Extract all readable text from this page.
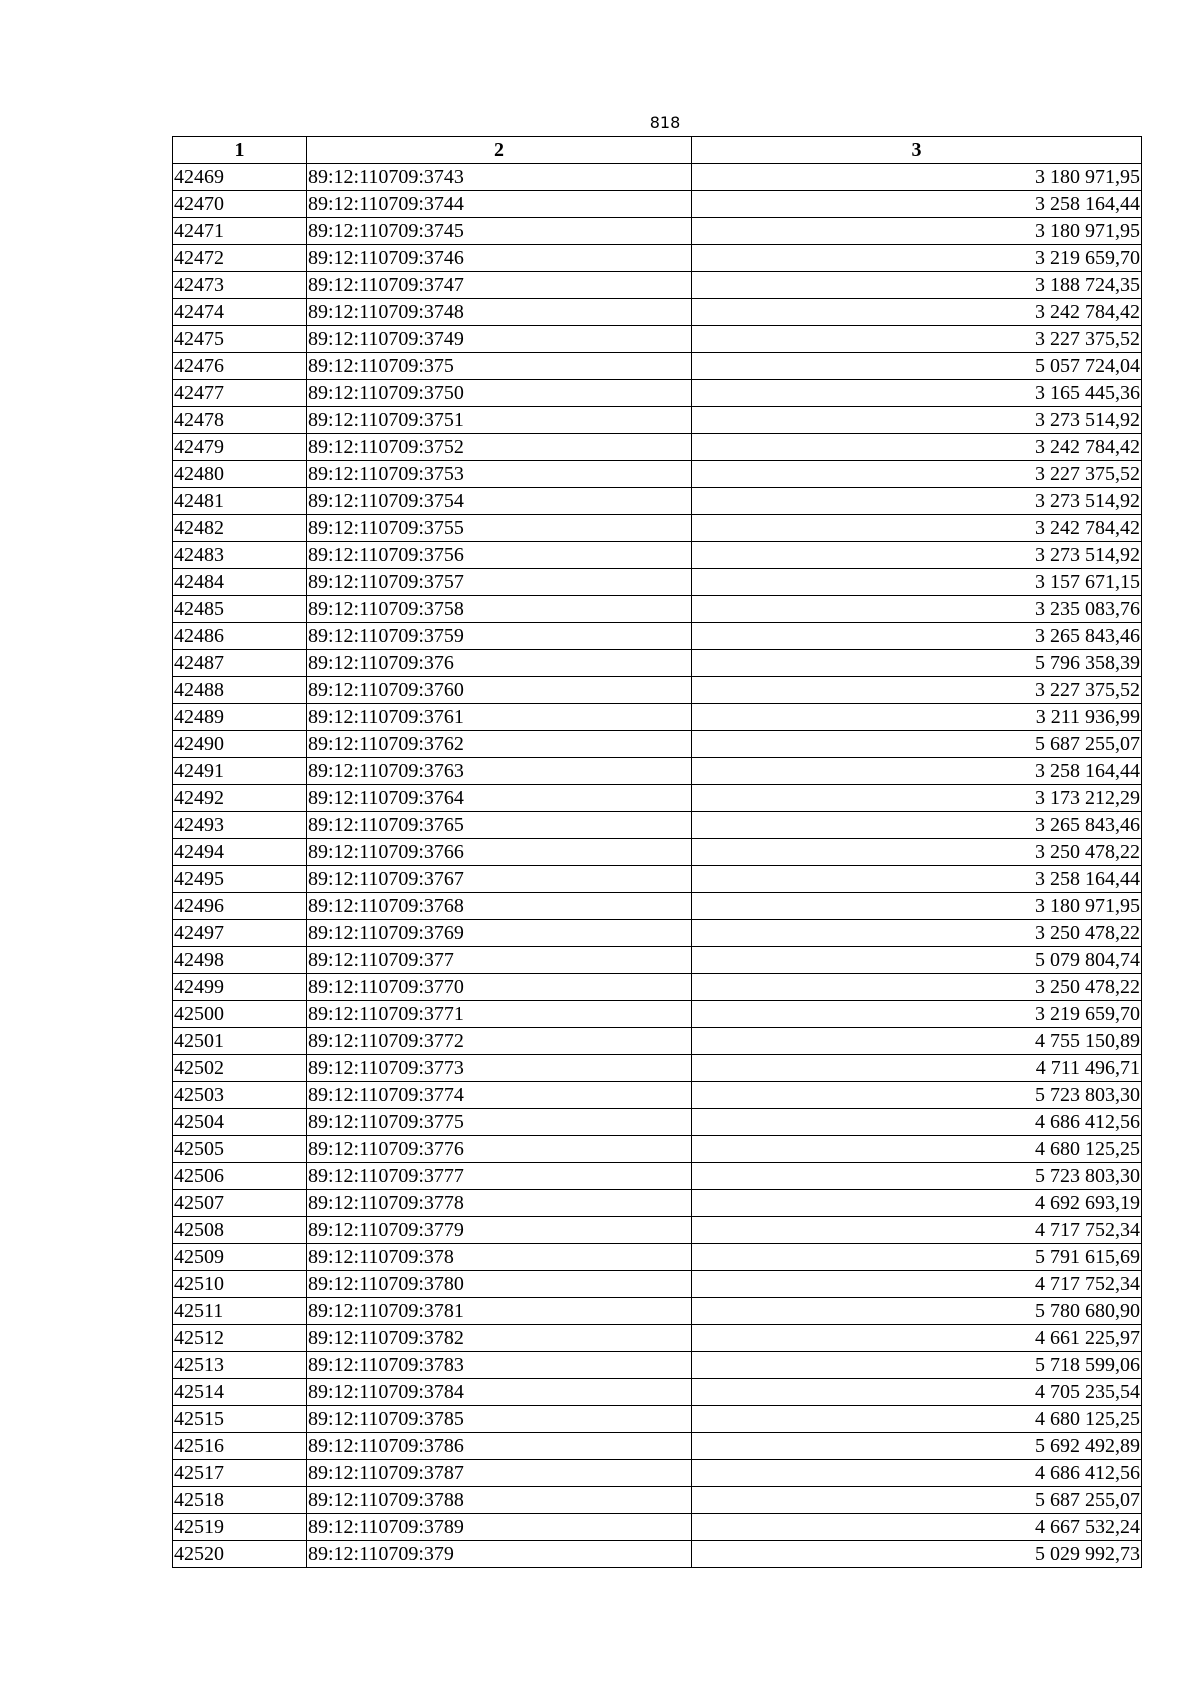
818
1	2	3
42469	89:12:110709:3743	3 180 971,95
42470	89:12:110709:3744	3 258 164,44
42471	89:12:110709:3745	3 180 971,95
42472	89:12:110709:3746	3 219 659,70
42473	89:12:110709:3747	3 188 724,35
42474	89:12:110709:3748	3 242 784,42
42475	89:12:110709:3749	3 227 375,52
42476	89:12:110709:375	5 057 724,04
42477	89:12:110709:3750	3 165 445,36
42478	89:12:110709:3751	3 273 514,92
42479	89:12:110709:3752	3 242 784,42
42480	89:12:110709:3753	3 227 375,52
42481	89:12:110709:3754	3 273 514,92
42482	89:12:110709:3755	3 242 784,42
42483	89:12:110709:3756	3 273 514,92
42484	89:12:110709:3757	3 157 671,15
42485	89:12:110709:3758	3 235 083,76
42486	89:12:110709:3759	3 265 843,46
42487	89:12:110709:376	5 796 358,39
42488	89:12:110709:3760	3 227 375,52
42489	89:12:110709:3761	3 211 936,99
42490	89:12:110709:3762	5 687 255,07
42491	89:12:110709:3763	3 258 164,44
42492	89:12:110709:3764	3 173 212,29
42493	89:12:110709:3765	3 265 843,46
42494	89:12:110709:3766	3 250 478,22
42495	89:12:110709:3767	3 258 164,44
42496	89:12:110709:3768	3 180 971,95
42497	89:12:110709:3769	3 250 478,22
42498	89:12:110709:377	5 079 804,74
42499	89:12:110709:3770	3 250 478,22
42500	89:12:110709:3771	3 219 659,70
42501	89:12:110709:3772	4 755 150,89
42502	89:12:110709:3773	4 711 496,71
42503	89:12:110709:3774	5 723 803,30
42504	89:12:110709:3775	4 686 412,56
42505	89:12:110709:3776	4 680 125,25
42506	89:12:110709:3777	5 723 803,30
42507	89:12:110709:3778	4 692 693,19
42508	89:12:110709:3779	4 717 752,34
42509	89:12:110709:378	5 791 615,69
42510	89:12:110709:3780	4 717 752,34
42511	89:12:110709:3781	5 780 680,90
42512	89:12:110709:3782	4 661 225,97
42513	89:12:110709:3783	5 718 599,06
42514	89:12:110709:3784	4 705 235,54
42515	89:12:110709:3785	4 680 125,25
42516	89:12:110709:3786	5 692 492,89
42517	89:12:110709:3787	4 686 412,56
42518	89:12:110709:3788	5 687 255,07
42519	89:12:110709:3789	4 667 532,24
42520	89:12:110709:379	5 029 992,73
